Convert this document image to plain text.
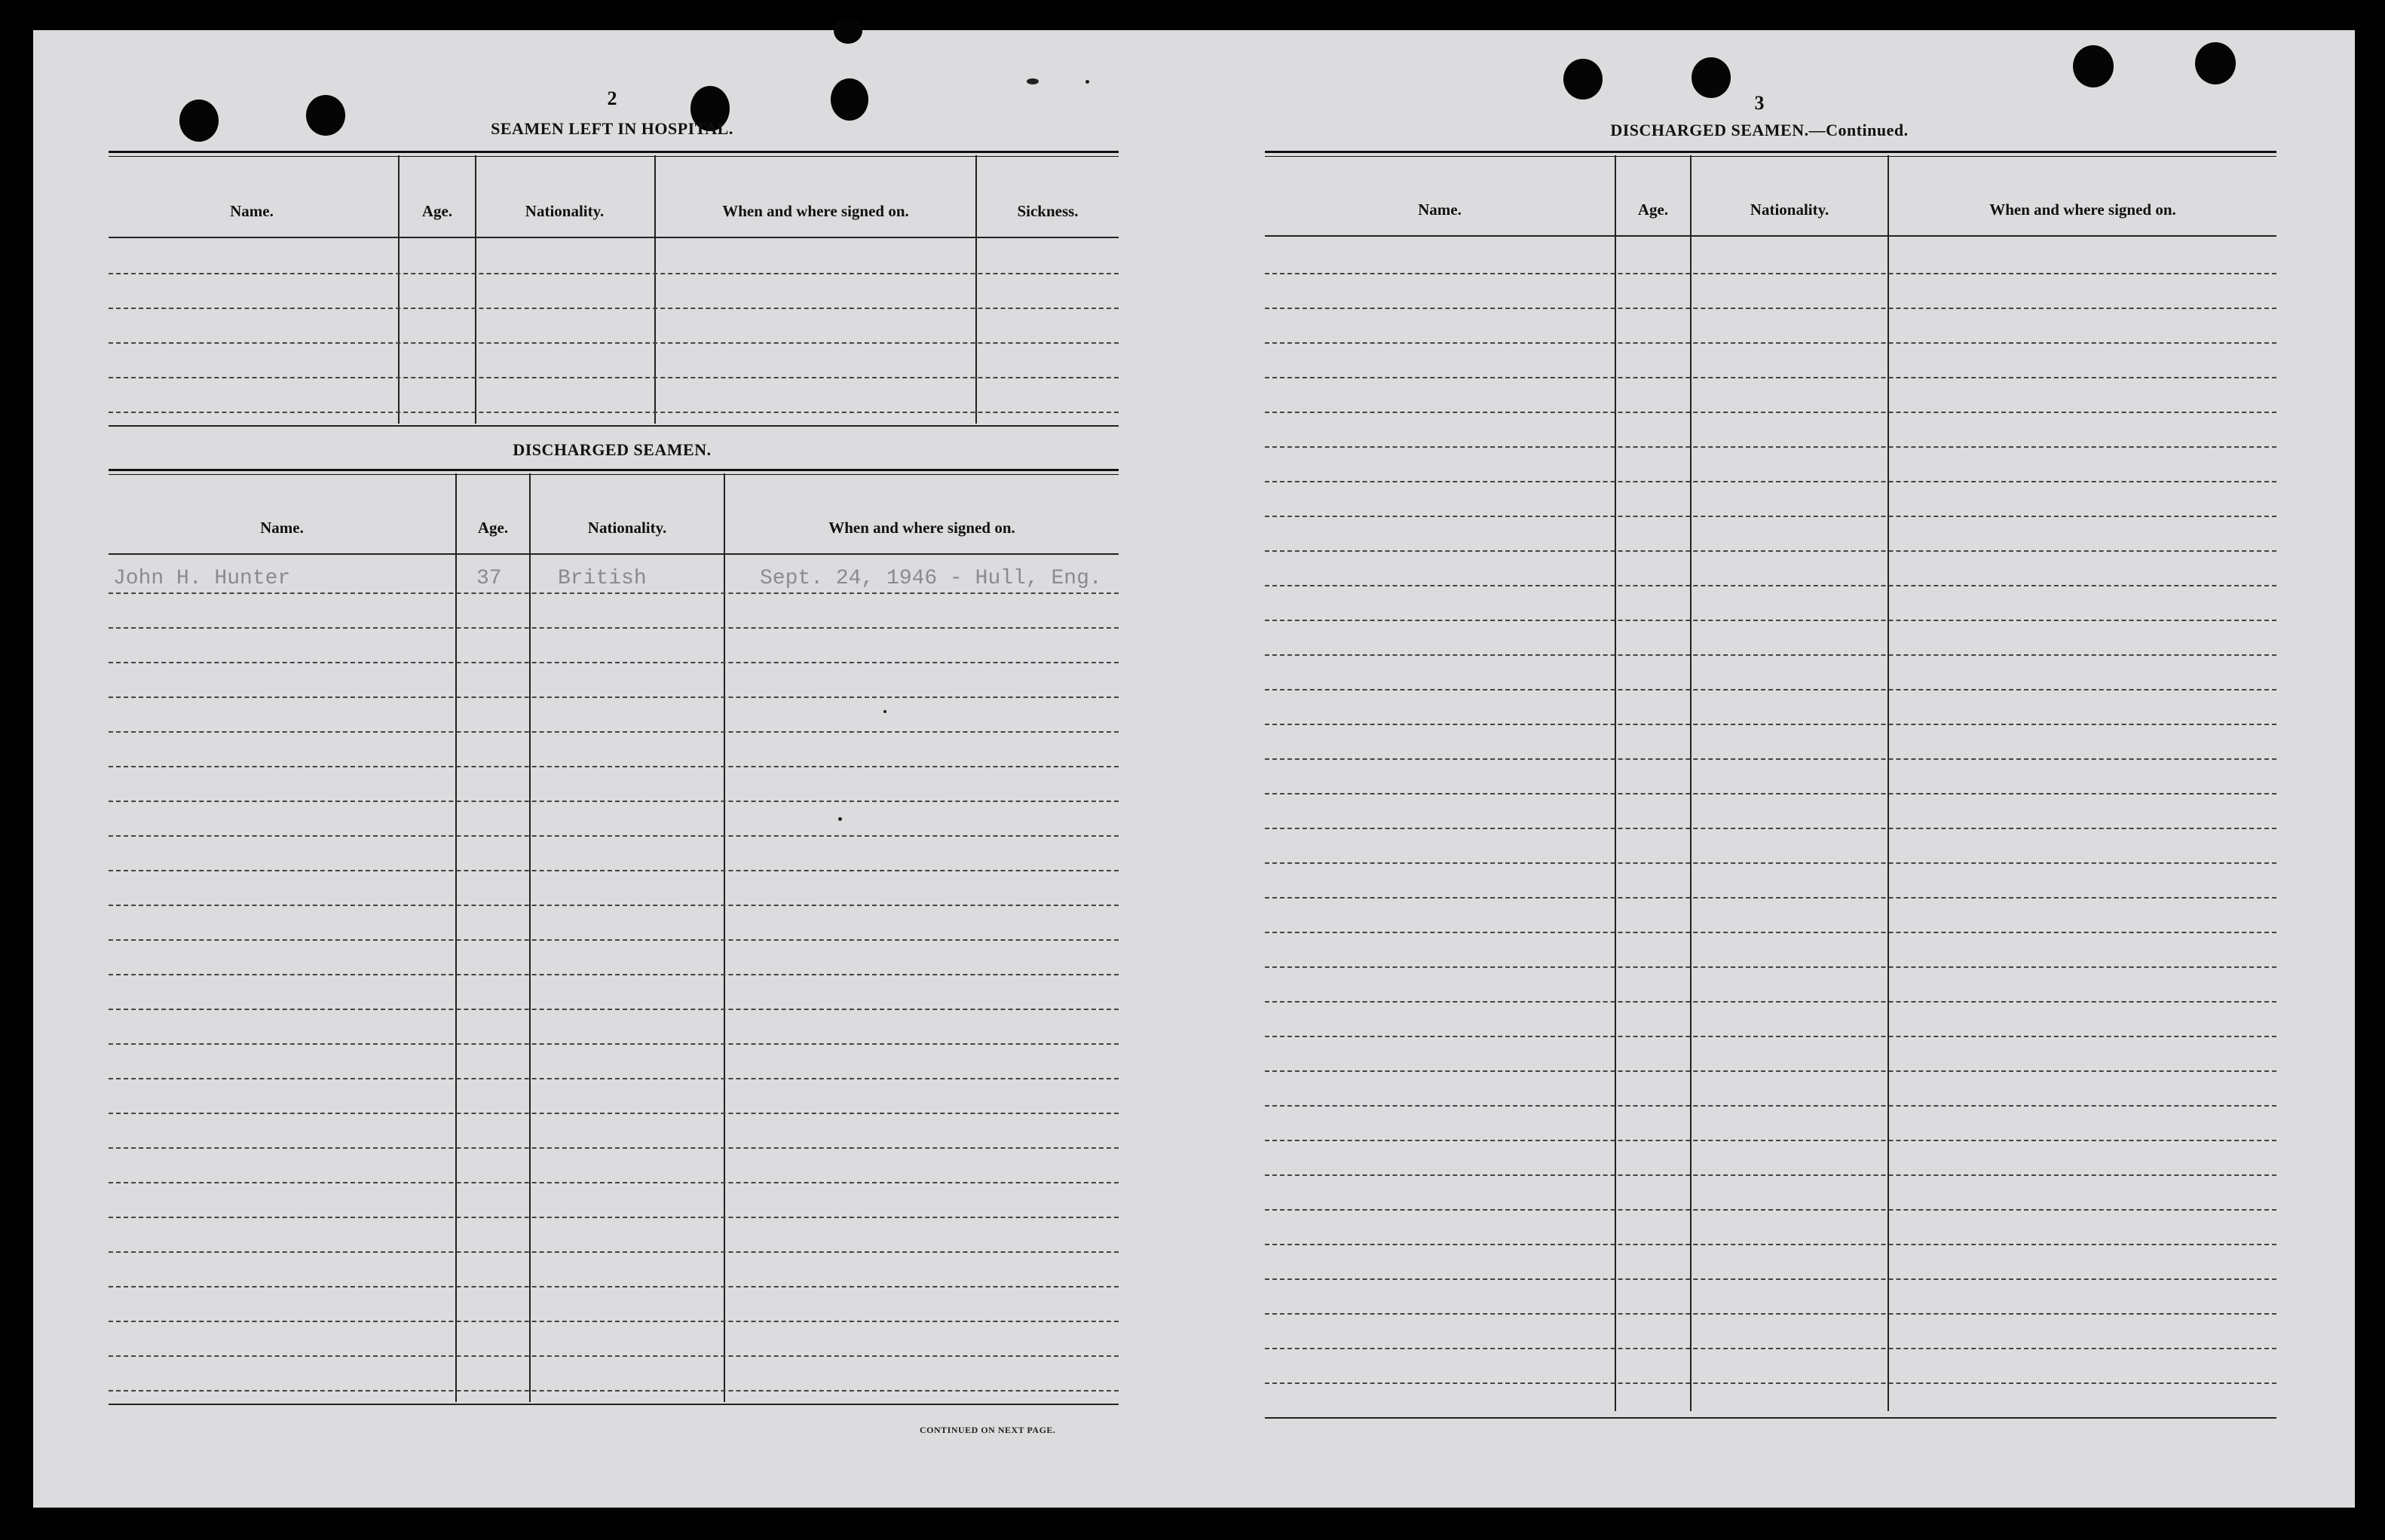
2
SEAMEN LEFT IN HOSPITAL.
Name.	Age.	Nationality.	When and where signed on.	Sickness.
DISCHARGED SEAMEN.
Name.	Age.	Nationality.	When and where signed on.
John H. Hunter	37	British	Sept. 24, 1946 - Hull, Eng.
CONTINUED ON NEXT PAGE.
3
DISCHARGED SEAMEN.—Continued.
Name.	Age.	Nationality.	When and where signed on.
